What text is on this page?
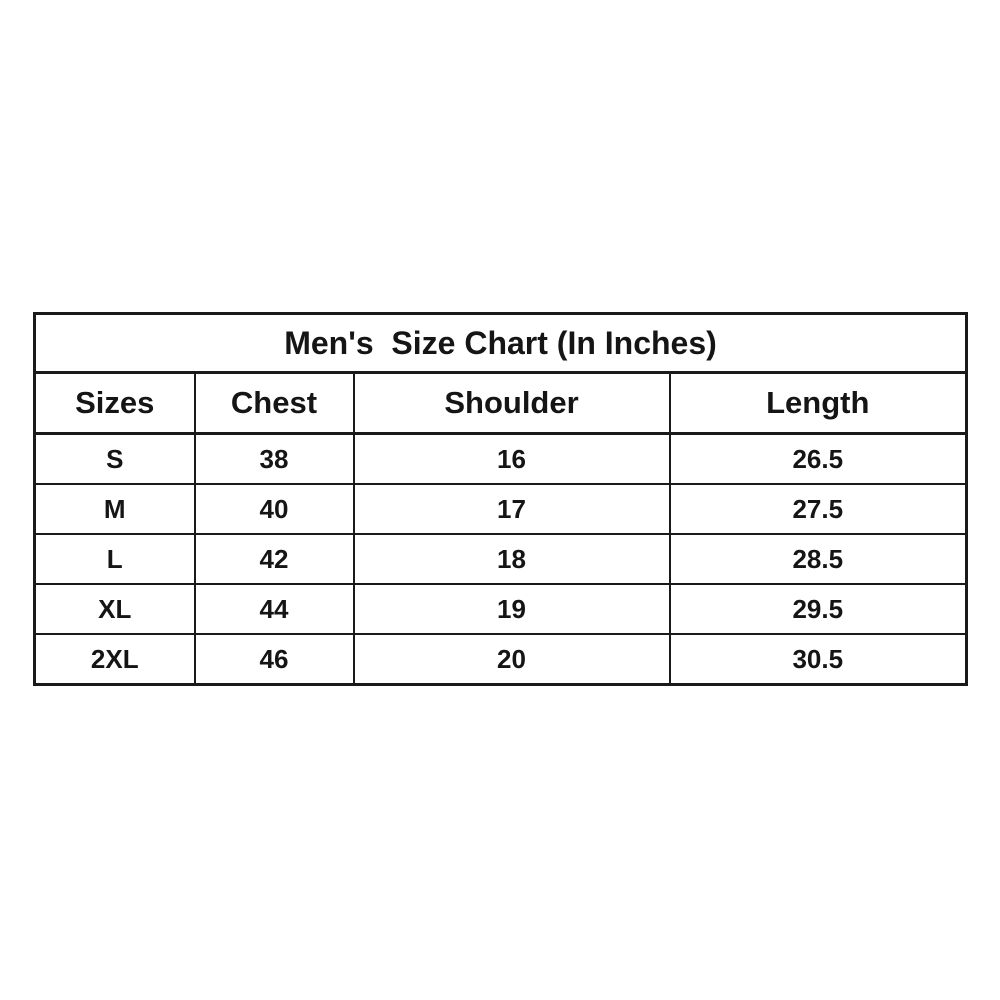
Men's  Size Chart (In Inches)			
Sizes	Chest	Shoulder	Length
S	38	16	26.5
M	40	17	27.5
L	42	18	28.5
XL	44	19	29.5
2XL	46	20	30.5
